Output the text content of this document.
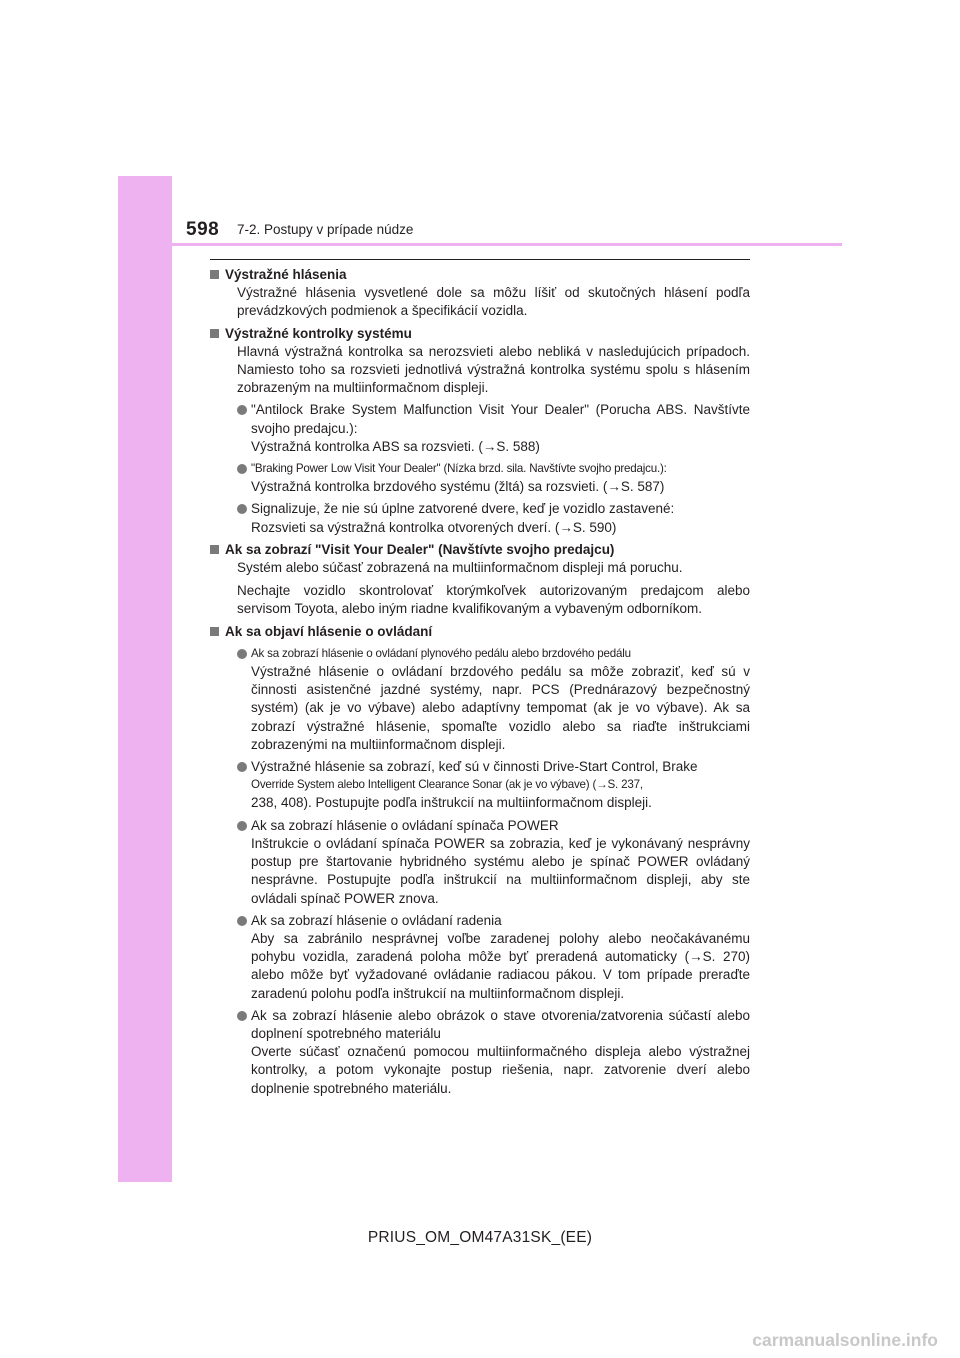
598 7-2. Postupy v prípade núdze
Výstražné hlásenia
Výstražné hlásenia vysvetlené dole sa môžu líšiť od skutočných hlásení podľa prevádzkových podmienok a špecifikácií vozidla.
Výstražné kontrolky systému
Hlavná výstražná kontrolka sa nerozsvieti alebo nebliká v nasledujúcich prípadoch. Namiesto toho sa rozsvieti jednotlivá výstražná kontrolka systému spolu s hlásením zobrazeným na multiinformačnom displeji.
"Antilock Brake System Malfunction Visit Your Dealer" (Porucha ABS. Navštívte svojho predajcu.):
Výstražná kontrolka ABS sa rozsvieti. (→S. 588)
"Braking Power Low Visit Your Dealer" (Nízka brzd. sila. Navštívte svojho predajcu.):
Výstražná kontrolka brzdového systému (žltá) sa rozsvieti. (→S. 587)
Signalizuje, že nie sú úplne zatvorené dvere, keď je vozidlo zastavené:
Rozsvieti sa výstražná kontrolka otvorených dverí. (→S. 590)
Ak sa zobrazí "Visit Your Dealer" (Navštívte svojho predajcu)
Systém alebo súčasť zobrazená na multiinformačnom displeji má poruchu.
Nechajte vozidlo skontrolovať ktorýmkoľvek autorizovaným predajcom alebo servisom Toyota, alebo iným riadne kvalifikovaným a vybaveným odborníkom.
Ak sa objaví hlásenie o ovládaní
Ak sa zobrazí hlásenie o ovládaní plynového pedálu alebo brzdového pedálu
Výstražné hlásenie o ovládaní brzdového pedálu sa môže zobraziť, keď sú v činnosti asistenčné jazdné systémy, napr. PCS (Prednárazový bezpečnostný systém) (ak je vo výbave) alebo adaptívny tempomat (ak je vo výbave). Ak sa zobrazí výstražné hlásenie, spomaľte vozidlo alebo sa riaďte inštrukciami zobrazenými na multiinformačnom displeji.
Výstražné hlásenie sa zobrazí, keď sú v činnosti Drive-Start Control, Brake
Override System alebo Intelligent Clearance Sonar (ak je vo výbave) (→S. 237,
238, 408). Postupujte podľa inštrukcií na multiinformačnom displeji.
Ak sa zobrazí hlásenie o ovládaní spínača POWER
Inštrukcie o ovládaní spínača POWER sa zobrazia, keď je vykonávaný nesprávny postup pre štartovanie hybridného systému alebo je spínač POWER ovládaný nesprávne. Postupujte podľa inštrukcií na multiinformačnom displeji, aby ste ovládali spínač POWER znova.
Ak sa zobrazí hlásenie o ovládaní radenia
Aby sa zabránilo nesprávnej voľbe zaradenej polohy alebo neočakávanému pohybu vozidla, zaradená poloha môže byť preradená automaticky (→S. 270) alebo môže byť vyžadované ovládanie radiacou pákou. V tom prípade preraďte zaradenú polohu podľa inštrukcií na multiinformačnom displeji.
Ak sa zobrazí hlásenie alebo obrázok o stave otvorenia/zatvorenia súčastí alebo doplnení spotrebného materiálu
Overte súčasť označenú pomocou multiinformačného displeja alebo výstražnej kontrolky, a potom vykonajte postup riešenia, napr. zatvorenie dverí alebo doplnenie spotrebného materiálu.
PRIUS_OM_OM47A31SK_(EE)
carmanualsonline.info
